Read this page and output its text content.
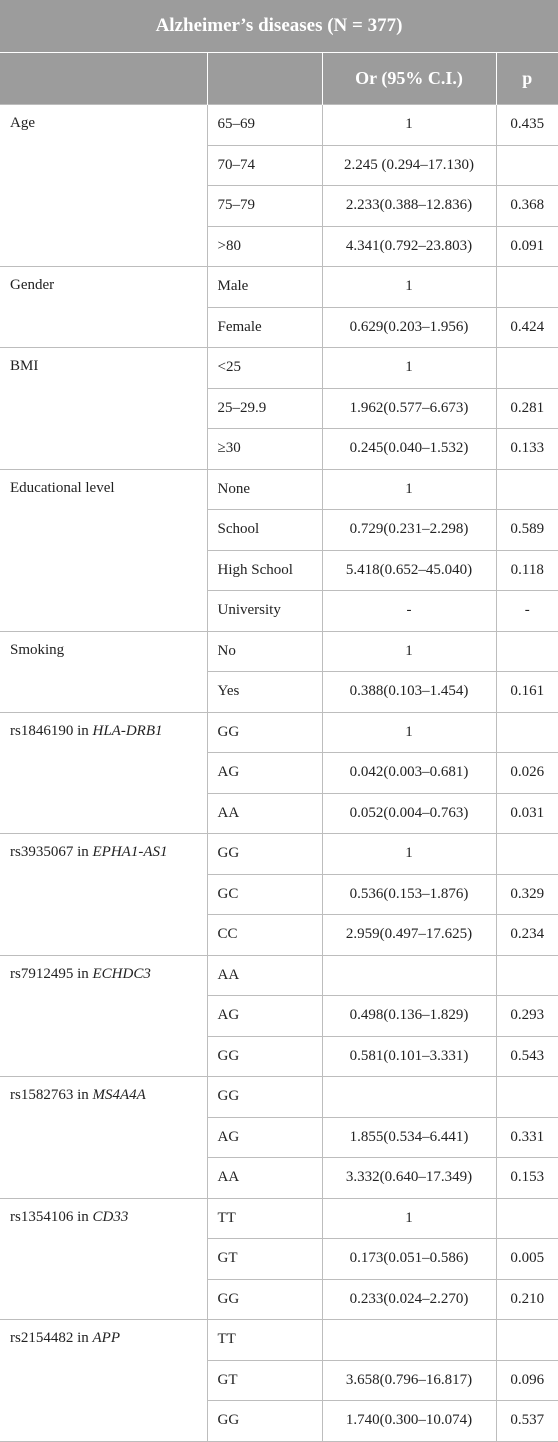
Alzheimer’s diseases (N = 377)			
		Or (95% C.I.)	p
Age	65–69	1	0.435
	70–74	2.245 (0.294–17.130)	
	75–79	2.233(0.388–12.836)	0.368
	>80	4.341(0.792–23.803)	0.091
Gender	Male	1	
	Female	0.629(0.203–1.956)	0.424
BMI	<25	1	
	25–29.9	1.962(0.577–6.673)	0.281
	≥30	0.245(0.040–1.532)	0.133
Educational level	None	1	
	School	0.729(0.231–2.298)	0.589
	High School	5.418(0.652–45.040)	0.118
	University	-	-
Smoking	No	1	
	Yes	0.388(0.103–1.454)	0.161
rs1846190 in HLA-DRB1	GG	1	
	AG	0.042(0.003–0.681)	0.026
	AA	0.052(0.004–0.763)	0.031
rs3935067 in EPHA1-AS1	GG	1	
	GC	0.536(0.153–1.876)	0.329
	CC	2.959(0.497–17.625)	0.234
rs7912495 in ECHDC3	AA		
	AG	0.498(0.136–1.829)	0.293
	GG	0.581(0.101–3.331)	0.543
rs1582763 in MS4A4A	GG		
	AG	1.855(0.534–6.441)	0.331
	AA	3.332(0.640–17.349)	0.153
rs1354106 in CD33	TT	1	
	GT	0.173(0.051–0.586)	0.005
	GG	0.233(0.024–2.270)	0.210
rs2154482 in APP	TT		
	GT	3.658(0.796–16.817)	0.096
	GG	1.740(0.300–10.074)	0.537
